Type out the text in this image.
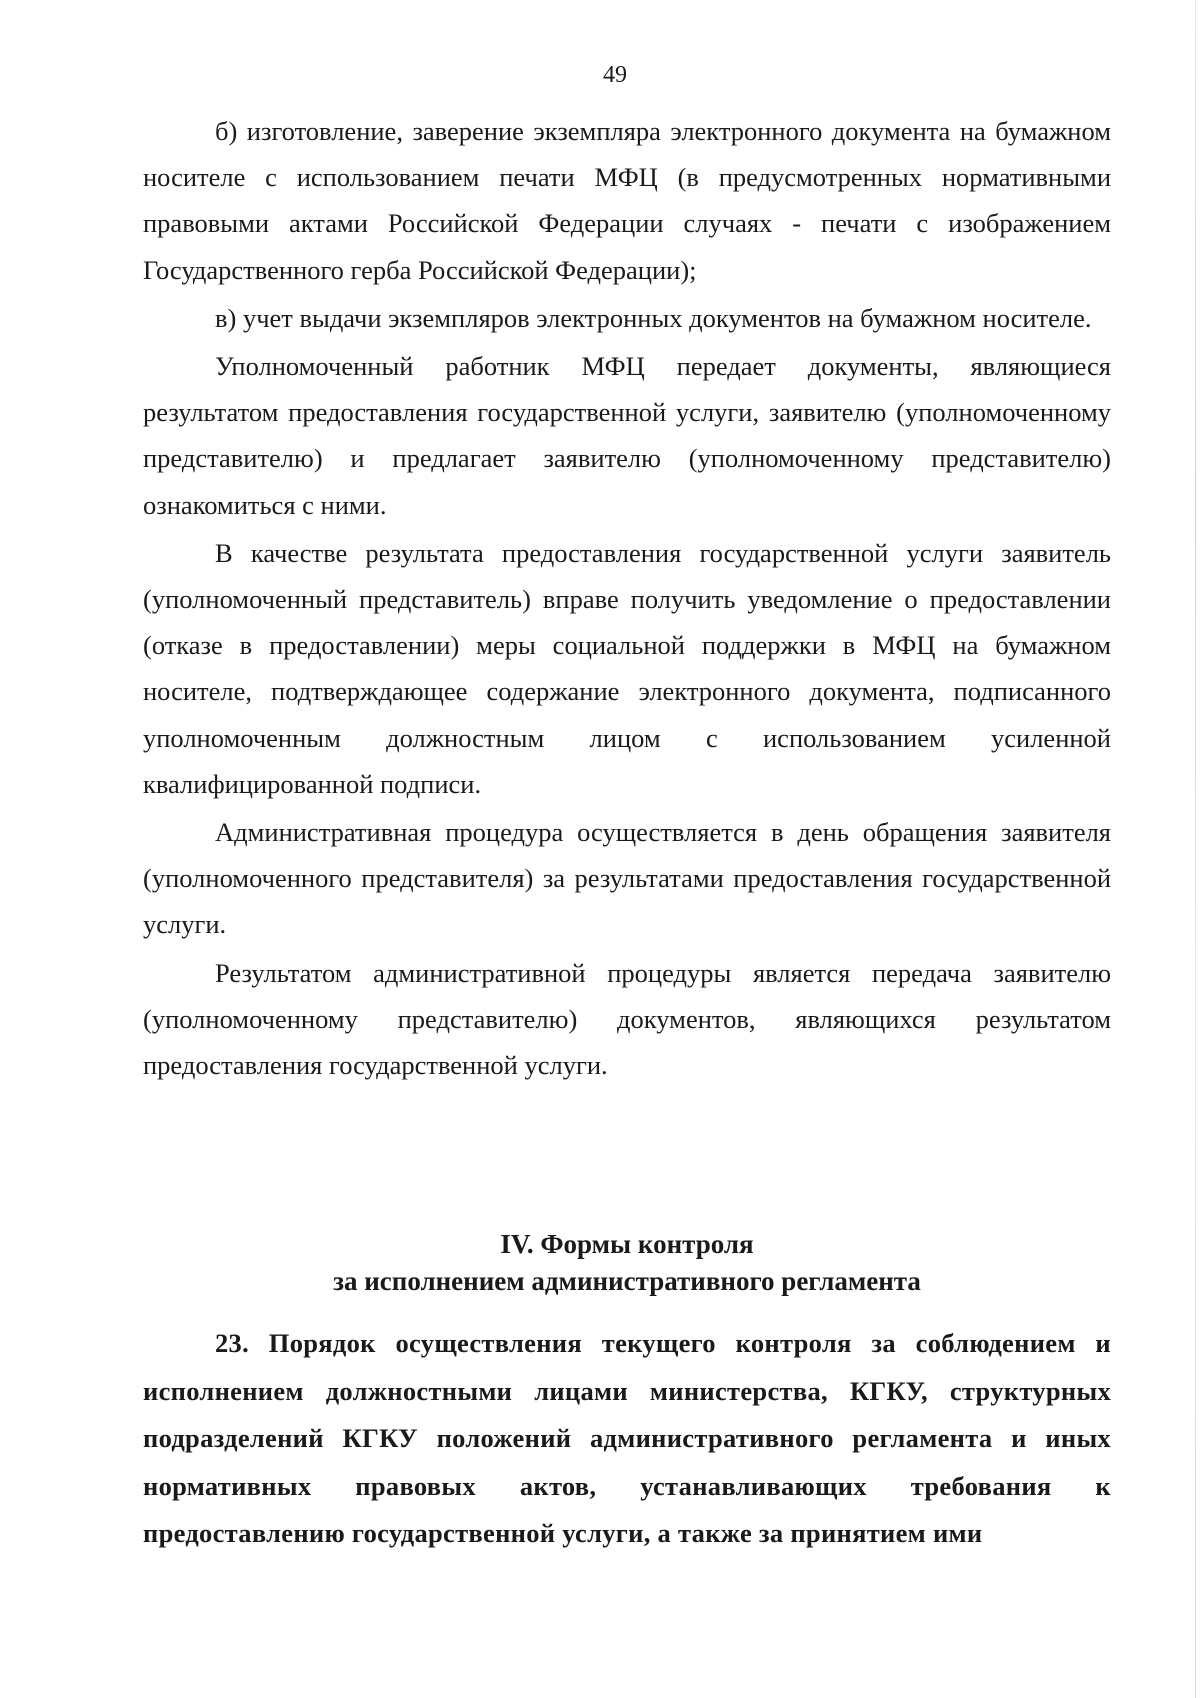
49

б) изготовление, заверение экземпляра электронного документа на бумажном носителе с использованием печати МФЦ (в предусмотренных нормативными правовыми актами Российской Федерации случаях - печати с изображением Государственного герба Российской Федерации);

в) учет выдачи экземпляров электронных документов на бумажном носителе.

Уполномоченный работник МФЦ передает документы, являющиеся результатом предоставления государственной услуги, заявителю (уполномоченному представителю) и предлагает заявителю (уполномоченному представителю) ознакомиться с ними.

В качестве результата предоставления государственной услуги заявитель (уполномоченный представитель) вправе получить уведомление о предоставлении (отказе в предоставлении) меры социальной поддержки в МФЦ на бумажном носителе, подтверждающее содержание электронного документа, подписанного уполномоченным должностным лицом с использованием усиленной квалифицированной подписи.

Административная процедура осуществляется в день обращения заявителя (уполномоченного представителя) за результатами предоставления государственной услуги.

Результатом административной процедуры является передача заявителю (уполномоченному представителю) документов, являющихся результатом предоставления государственной услуги.

IV. Формы контроля
за исполнением административного регламента

23. Порядок осуществления текущего контроля за соблюдением и исполнением должностными лицами министерства, КГКУ, структурных подразделений КГКУ положений административного регламента и иных нормативных правовых актов, устанавливающих требования к предоставлению государственной услуги, а также за принятием ими
